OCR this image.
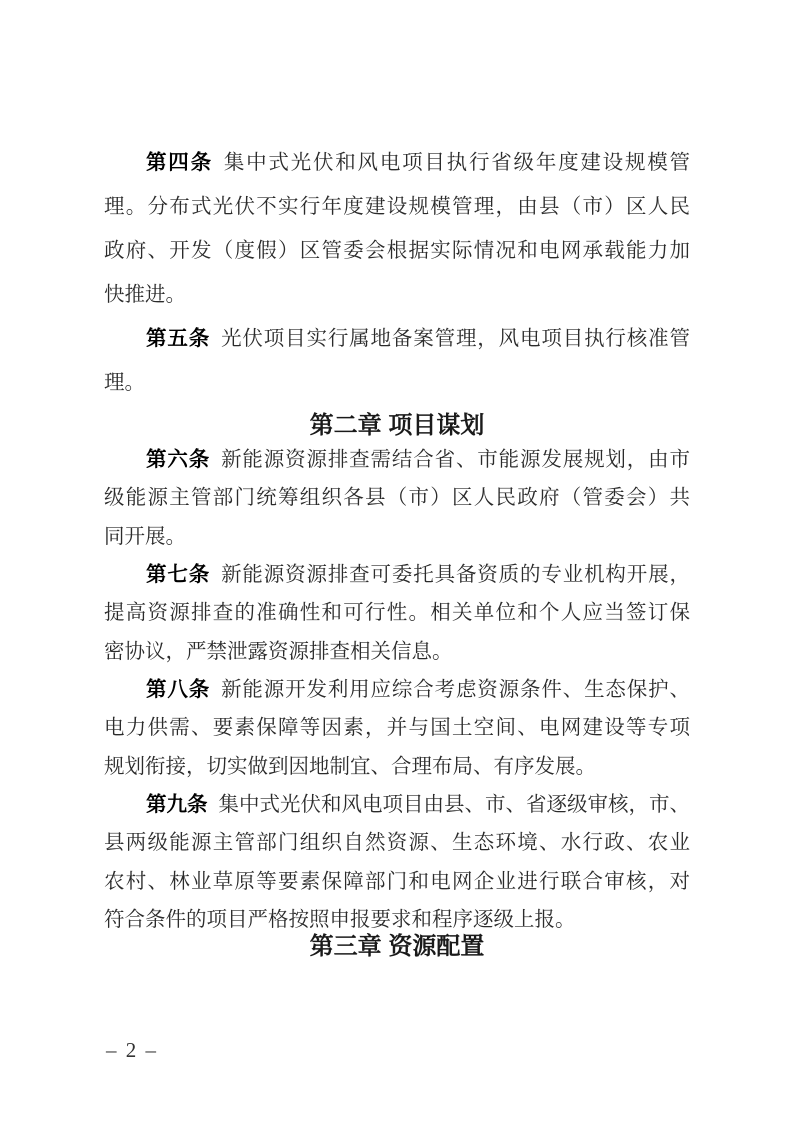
第四条 集中式光伏和风电项目执行省级年度建设规模管
理。分布式光伏不实行年度建设规模管理，由县（市）区人民
政府、开发（度假）区管委会根据实际情况和电网承载能力加
快推进。

第五条 光伏项目实行属地备案管理，风电项目执行核准管
理。

第二章 项目谋划

第六条 新能源资源排查需结合省、市能源发展规划，由市
级能源主管部门统筹组织各县（市）区人民政府（管委会）共
同开展。

第七条 新能源资源排查可委托具备资质的专业机构开展，
提高资源排查的准确性和可行性。相关单位和个人应当签订保
密协议，严禁泄露资源排查相关信息。

第八条 新能源开发利用应综合考虑资源条件、生态保护、
电力供需、要素保障等因素，并与国土空间、电网建设等专项
规划衔接，切实做到因地制宜、合理布局、有序发展。

第九条 集中式光伏和风电项目由县、市、省逐级审核，市、
县两级能源主管部门组织自然资源、生态环境、水行政、农业
农村、林业草原等要素保障部门和电网企业进行联合审核，对
符合条件的项目严格按照申报要求和程序逐级上报。

第三章 资源配置
– 2 –
